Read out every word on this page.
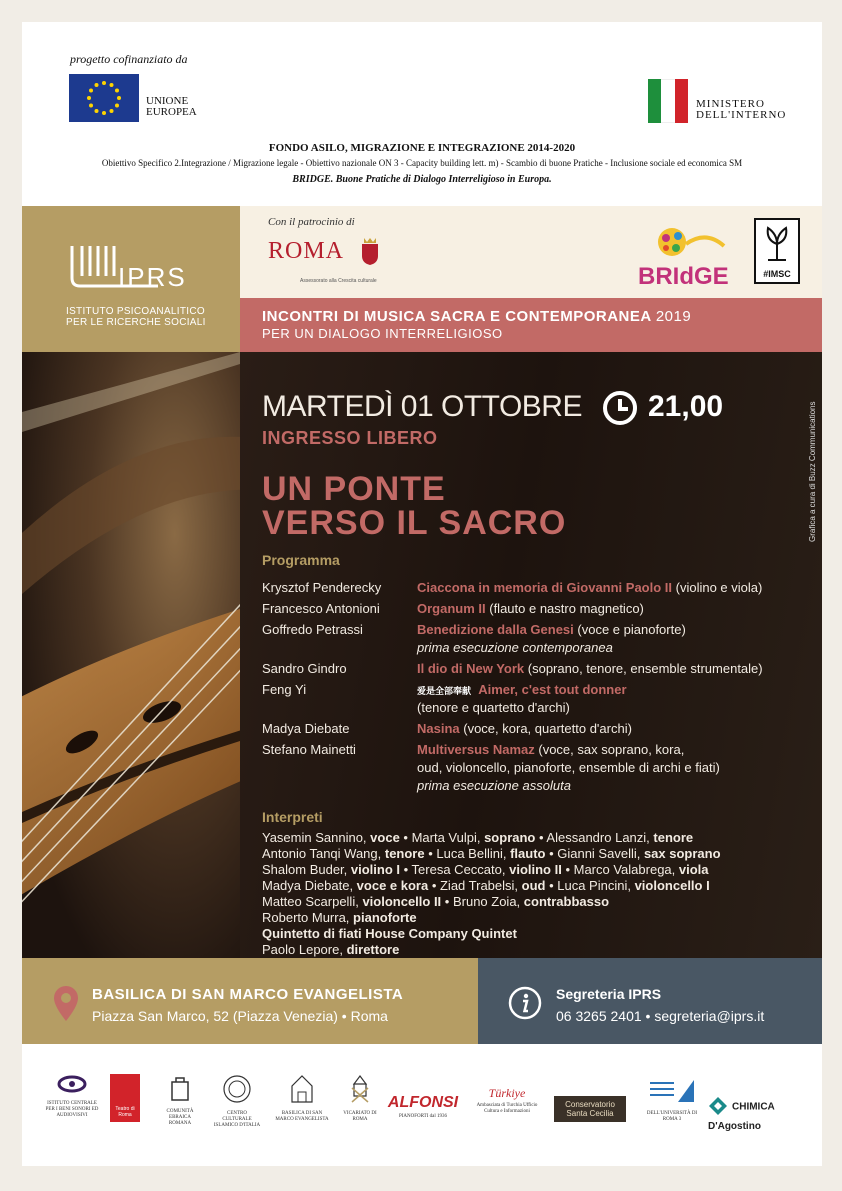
progetto cofinanziato da
UNIONE
EUROPEA
MINISTERO
DELL'INTERNO
FONDO ASILO, MIGRAZIONE E INTEGRAZIONE 2014-2020
Obiettivo Specifico 2.Integrazione / Migrazione legale - Obiettivo nazionale ON 3 - Capacity building lett. m) - Scambio di buone Pratiche - Inclusione sociale ed economica SM
BRIDGE. Buone Pratiche di Dialogo Interreligioso in Europa.
IPRS
ISTITUTO PSICOANALITICO
PER LE RICERCHE SOCIALI
Con il patrocinio di
ROMA
Assessorato alla Crescita culturale	BRIdGE	#IMSC
INCONTRI DI MUSICA SACRA E CONTEMPORANEA 2019
PER UN DIALOGO INTERRELIGIOSO
MARTEDÌ 01 OTTOBRE 21,00
INGRESSO LIBERO
UN PONTE
VERSO IL SACRO	Grafica a cura di Buzz Communications
Programma
Krysztof Penderecky	Ciaccona in memoria di Giovanni Paolo II (violino e viola)
Francesco Antonioni	Organum II (flauto e nastro magnetico)
Goffredo Petrassi	Benedizione dalla Genesi (voce e pianoforte)
prima esecuzione contemporanea
Sandro Gindro	Il dio di New York (soprano, tenore, ensemble strumentale)
Feng Yi	爱是全部奉献 Aimer, c'est tout donner
(tenore e quartetto d'archi)
Madya Diebate	Nasina (voce, kora, quartetto d'archi)
Stefano Mainetti	Multiversus Namaz (voce, sax soprano, kora,
oud, violoncello, pianoforte, ensemble di archi e fiati)
prima esecuzione assoluta
Interpreti
Yasemin Sannino, voce • Marta Vulpi, soprano • Alessandro Lanzi, tenore
Antonio Tanqi Wang, tenore • Luca Bellini, flauto • Gianni Savelli, sax soprano
Shalom Buder, violino I • Teresa Ceccato, violino II • Marco Valabrega, viola
Madya Diebate, voce e kora • Ziad Trabelsi, oud • Luca Pincini, violoncello I
Matteo Scarpelli, violoncello II • Bruno Zoia, contrabbasso
Roberto Murra, pianoforte
Quintetto di fiati House Company Quintet
Paolo Lepore, direttore
BASILICA DI SAN MARCO EVANGELISTA
Piazza San Marco, 52 (Piazza Venezia) • Roma
Segreteria IPRS
06 3265 2401 • segreteria@iprs.it
ISTITUTO CENTRALE PER I BENI SONORI ED AUDIOVISIVI
Teatro di Roma
COMUNITÀ EBRAICA ROMANA
CENTRO CULTURALE ISLAMICO D'ITALIA
BASILICA DI SAN MARCO EVANGELISTA
VICARIATO DI ROMA
ALFONSI
PIANOFORTI dal 1936
Türkiye
Ambasciata di Turchia Ufficio Cultura e Informazioni
Conservatorio Santa Cecilia	DELL'UNIVERSITÀ DI ROMA 3
CHIMICA D'Agostino
